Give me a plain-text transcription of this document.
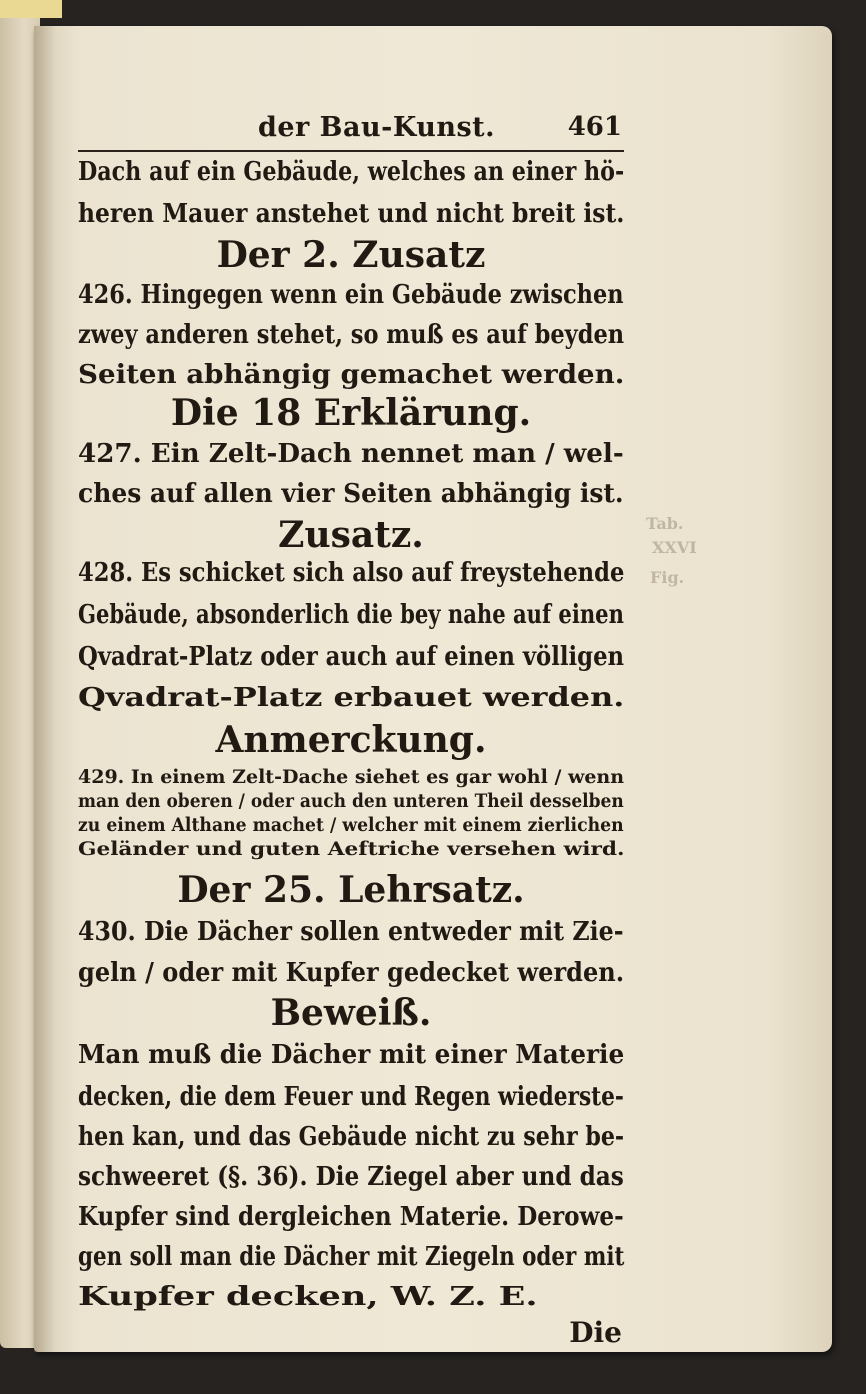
Tab.
XXVI
Fig.
der Bau-Kunst.	461
Dach auf ein Gebäude, welches an einer hö-
heren Mauer anstehet und nicht breit ist.
Der 2. Zusatz
426. Hingegen wenn ein Gebäude zwischen
zwey anderen stehet, so muß es auf beyden
Seiten abhängig gemachet werden.
Die 18 Erklärung.
427. Ein Zelt-Dach nennet man / wel-
ches auf allen vier Seiten abhängig ist.
Zusatz.
428. Es schicket sich also auf freystehende
Gebäude, absonderlich die bey nahe auf einen
Qvadrat-Platz oder auch auf einen völligen
Qvadrat-Platz erbauet werden.
Anmerckung.
429. In einem Zelt-Dache siehet es gar wohl / wenn
man den oberen / oder auch den unteren Theil desselben
zu einem Althane machet / welcher mit einem zierlichen
Geländer und guten Aeftriche versehen wird.
Der 25. Lehrsatz.
430. Die Dächer sollen entweder mit Zie-
geln / oder mit Kupfer gedecket werden.
Beweiß.
Man muß die Dächer mit einer Materie
decken, die dem Feuer und Regen wiederste-
hen kan, und das Gebäude nicht zu sehr be-
schweeret (§. 36). Die Ziegel aber und das
Kupfer sind dergleichen Materie. Derowe-
gen soll man die Dächer mit Ziegeln oder mit
Kupfer decken, W. Z. E.
Die
